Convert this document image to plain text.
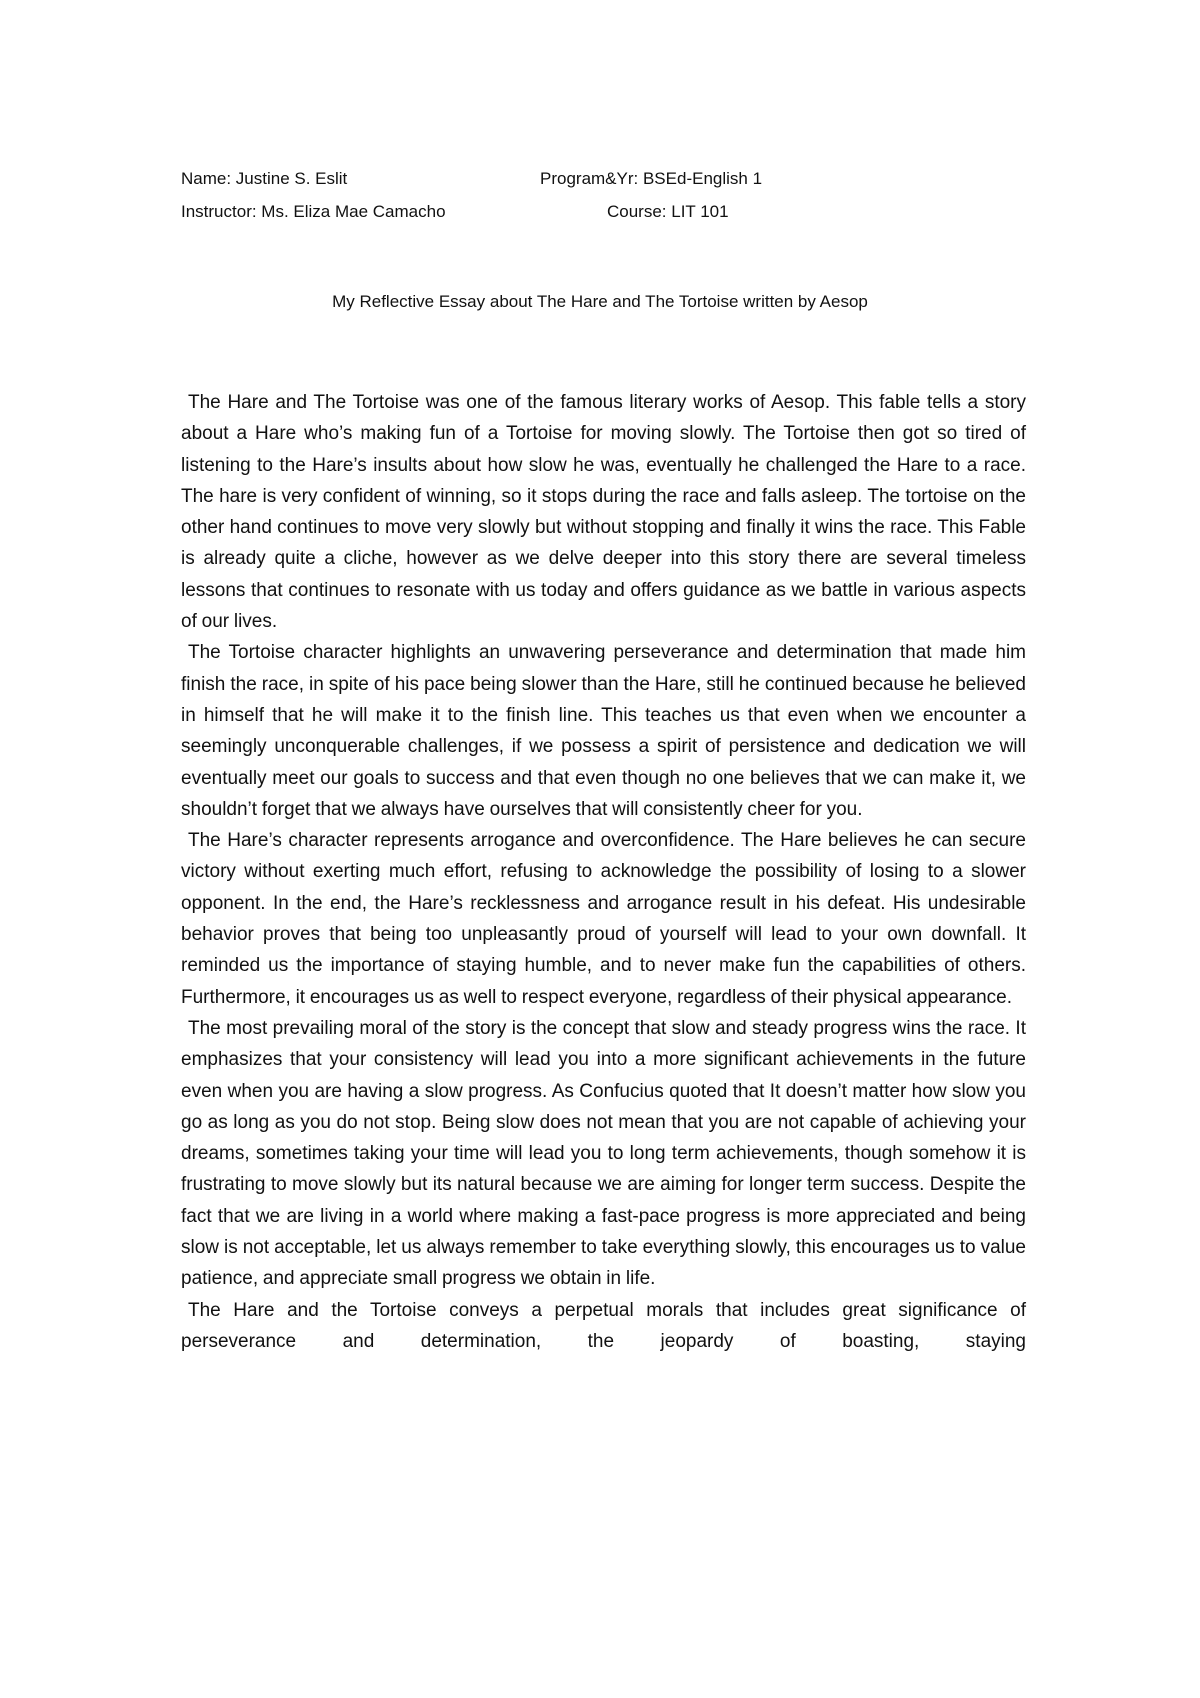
Name: Justine S. Eslit	Program&Yr: BSEd-English 1
Instructor: Ms. Eliza Mae Camacho	Course: LIT 101
My Reflective Essay about The Hare and The Tortoise written by Aesop

The Hare and The Tortoise was one of the famous literary works of Aesop. This fable tells a story about a Hare who’s making fun of a Tortoise for moving slowly. The Tortoise then got so tired of listening to the Hare’s insults about how slow he was, eventually he challenged the Hare to a race. The hare is very confident of winning, so it stops during the race and falls asleep. The tortoise on the other hand continues to move very slowly but without stopping and finally it wins the race. This Fable is already quite a cliche, however as we delve deeper into this story there are several timeless lessons that continues to resonate with us today and offers guidance as we battle in various aspects of our lives.

The Tortoise character highlights an unwavering perseverance and determination that made him finish the race, in spite of his pace being slower than the Hare, still he continued because he believed in himself that he will make it to the finish line. This teaches us that even when we encounter a seemingly unconquerable challenges, if we possess a spirit of persistence and dedication we will eventually meet our goals to success and that even though no one believes that we can make it, we shouldn’t forget that we always have ourselves that will consistently cheer for you.

The Hare’s character represents arrogance and overconfidence. The Hare believes he can secure victory without exerting much effort, refusing to acknowledge the possibility of losing to a slower opponent. In the end, the Hare’s recklessness and arrogance result in his defeat. His undesirable behavior proves that being too unpleasantly proud of yourself will lead to your own downfall. It reminded us the importance of staying humble, and to never make fun the capabilities of others. Furthermore, it encourages us as well to respect everyone, regardless of their physical appearance.

The most prevailing moral of the story is the concept that slow and steady progress wins the race. It emphasizes that your consistency will lead you into a more significant achievements in the future even when you are having a slow progress. As Confucius quoted that It doesn’t matter how slow you go as long as you do not stop. Being slow does not mean that you are not capable of achieving your dreams, sometimes taking your time will lead you to long term achievements, though somehow it is frustrating to move slowly but its natural because we are aiming for longer term success. Despite the fact that we are living in a world where making a fast-pace progress is more appreciated and being slow is not acceptable, let us always remember to take everything slowly, this encourages us to value patience, and appreciate small progress we obtain in life.

The Hare and the Tortoise conveys a perpetual morals that includes great significance of perseverance and determination, the jeopardy of boasting, staying
